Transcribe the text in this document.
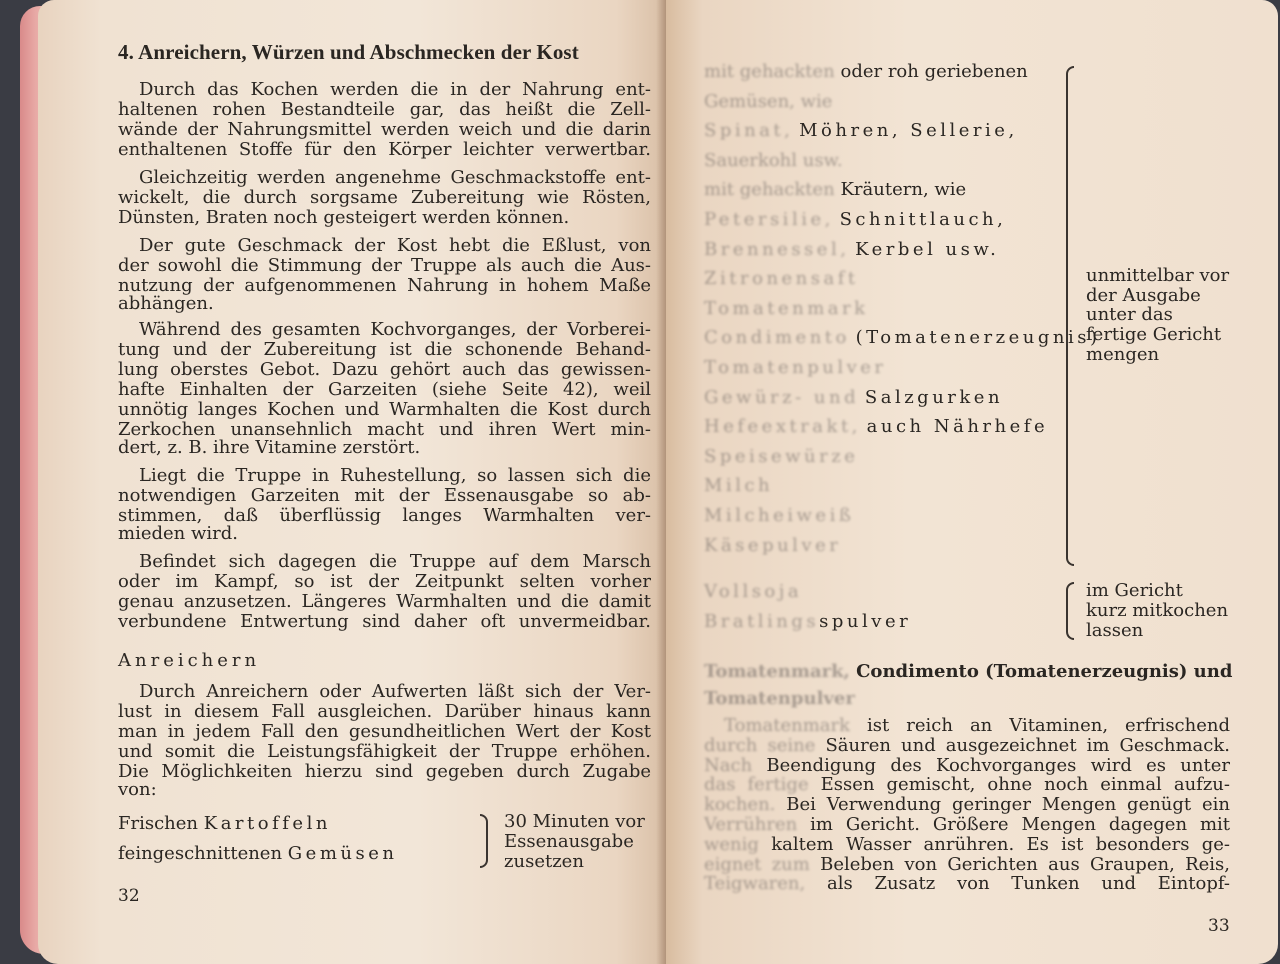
4. Anreichern, Würzen und Abschmecken der Kost
Durch das Kochen werden die in der Nahrung ent-
haltenen rohen Bestandteile gar, das heißt die Zell-
wände der Nahrungsmittel werden weich und die darin
enthaltenen Stoffe für den Körper leichter verwertbar.
Gleichzeitig werden angenehme Geschmackstoffe ent-
wickelt, die durch sorgsame Zubereitung wie Rösten,
Dünsten, Braten noch gesteigert werden können.
Der gute Geschmack der Kost hebt die Eßlust, von
der sowohl die Stimmung der Truppe als auch die Aus-
nutzung der aufgenommenen Nahrung in hohem Maße
abhängen.
Während des gesamten Kochvorganges, der Vorberei-
tung und der Zubereitung ist die schonende Behand-
lung oberstes Gebot. Dazu gehört auch das gewissen-
hafte Einhalten der Garzeiten (siehe Seite 42), weil
unnötig langes Kochen und Warmhalten die Kost durch
Zerkochen unansehnlich macht und ihren Wert min-
dert, z. B. ihre Vitamine zerstört.
Liegt die Truppe in Ruhestellung, so lassen sich die
notwendigen Garzeiten mit der Essenausgabe so ab-
stimmen, daß überflüssig langes Warmhalten ver-
mieden wird.
Befindet sich dagegen die Truppe auf dem Marsch
oder im Kampf, so ist der Zeitpunkt selten vorher
genau anzusetzen. Längeres Warmhalten und die damit
verbundene Entwertung sind daher oft unvermeidbar.
Anreichern
Durch Anreichern oder Aufwerten läßt sich der Ver-
lust in diesem Fall ausgleichen. Darüber hinaus kann
man in jedem Fall den gesundheitlichen Wert der Kost
und somit die Leistungsfähigkeit der Truppe erhöhen.
Die Möglichkeiten hierzu sind gegeben durch Zugabe
von:
Frischen Kartoffeln
feingeschnittenen Gemüsen
30 Minuten vor
Essenausgabe
zusetzen
32
mit gehackten oder roh geriebenen
Gemüsen, wie
Spinat, Möhren, Sellerie,
Sauerkohl usw.
mit gehackten Kräutern, wie
Petersilie, Schnittlauch,
Brennessel, Kerbel usw.
Zitronensaft
Tomatenmark
Condimento (Tomatenerzeugnis)
Tomatenpulver
Gewürz- und Salzgurken
Hefeextrakt, auch Nährhefe
Speisewürze
Milch
Milcheiweiß
Käsepulver
unmittelbar vor
der Ausgabe
unter das
fertige Gericht
mengen
Vollsoja
Bratlingsspulver
im Gericht
kurz mitkochen
lassen
Tomatenmark, Condimento (Tomatenerzeugnis) und
Tomatenpulver
Tomatenmark ist reich an Vitaminen, erfrischend
durch seine Säuren und ausgezeichnet im Geschmack.
Nach Beendigung des Kochvorganges wird es unter
das fertige Essen gemischt, ohne noch einmal aufzu-
kochen. Bei Verwendung geringer Mengen genügt ein
Verrühren im Gericht. Größere Mengen dagegen mit
wenig kaltem Wasser anrühren. Es ist besonders ge-
eignet zum Beleben von Gerichten aus Graupen, Reis,
Teigwaren, als Zusatz von Tunken und Eintopf-
33
